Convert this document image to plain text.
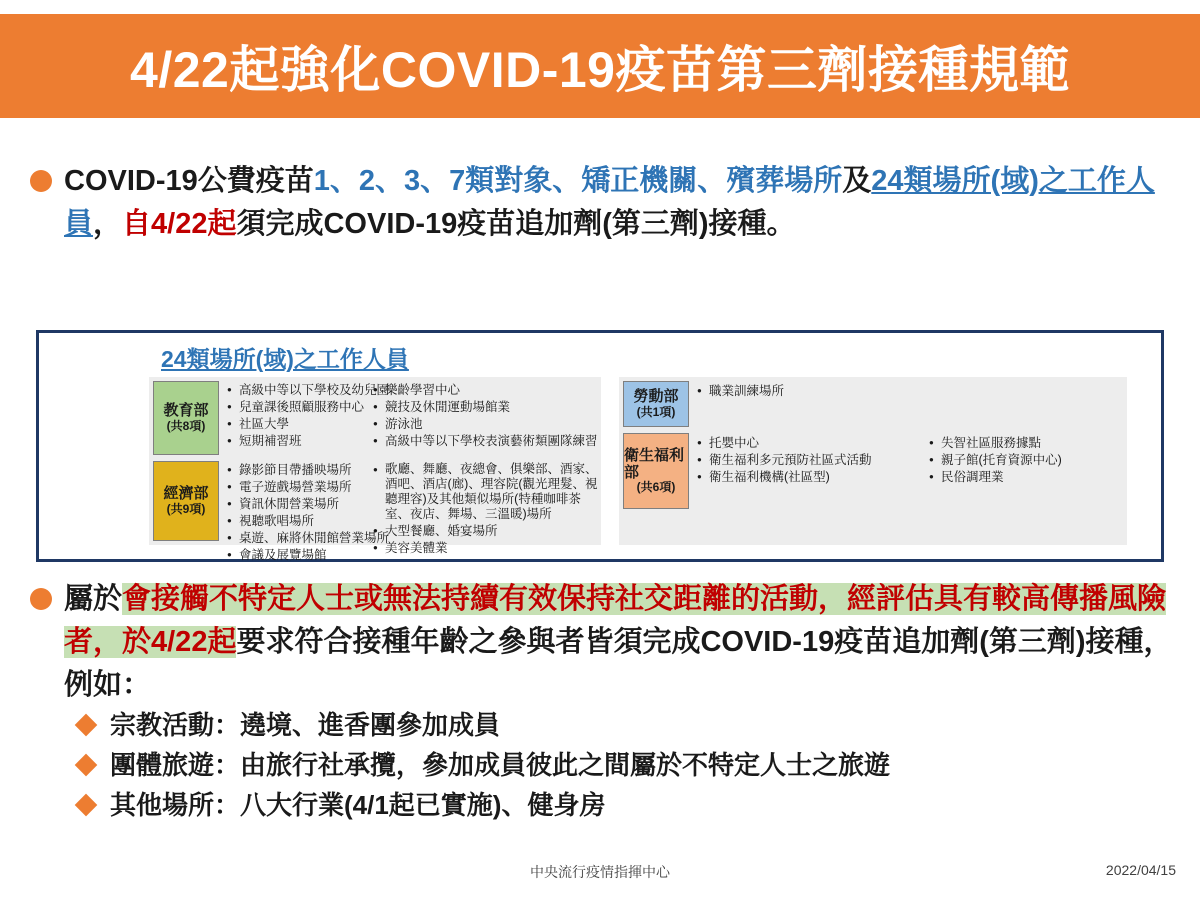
4/22起強化COVID-19疫苗第三劑接種規範
COVID-19公費疫苗1、2、3、7類對象、矯正機關、殯葬場所及24類場所(域)之工作人員，自4/22起須完成COVID-19疫苗追加劑(第三劑)接種。
24類場所(域)之工作人員
教育部
(共8項)
● 高級中等以下學校及幼兒園
● 兒童課後照顧服務中心
● 社區大學
● 短期補習班
● 樂齡學習中心
● 競技及休閒運動場館業
● 游泳池
● 高級中等以下學校表演藝術類團隊練習
經濟部
(共9項)
● 錄影節目帶播映場所
● 電子遊戲場營業場所
● 資訊休閒營業場所
● 視聽歌唱場所
● 桌遊、麻將休閒館營業場所
● 會議及展覽場館
● 歌廳、舞廳、夜總會、俱樂部、酒家、酒吧、酒店(廊)、理容院(觀光理髮、視聽理容)及其他類似場所(特種咖啡茶室、夜店、舞場、三溫暖)場所
● 大型餐廳、婚宴場所
● 美容美體業
勞動部
(共1項)
● 職業訓練場所
衛生福利部
(共6項)
● 托嬰中心
● 衛生福利多元預防社區式活動
● 衛生福利機構(社區型)
● 失智社區服務據點
● 親子館(托育資源中心)
● 民俗調理業
屬於會接觸不特定人士或無法持續有效保持社交距離的活動，經評估具有較高傳播風險者，於4/22起要求符合接種年齡之參與者皆須完成COVID-19疫苗追加劑(第三劑)接種，例如：
宗教活動：遶境、進香團參加成員
團體旅遊：由旅行社承攬，參加成員彼此之間屬於不特定人士之旅遊
其他場所：八大行業(4/1起已實施)、健身房
中央流行疫情指揮中心	2022/04/15
